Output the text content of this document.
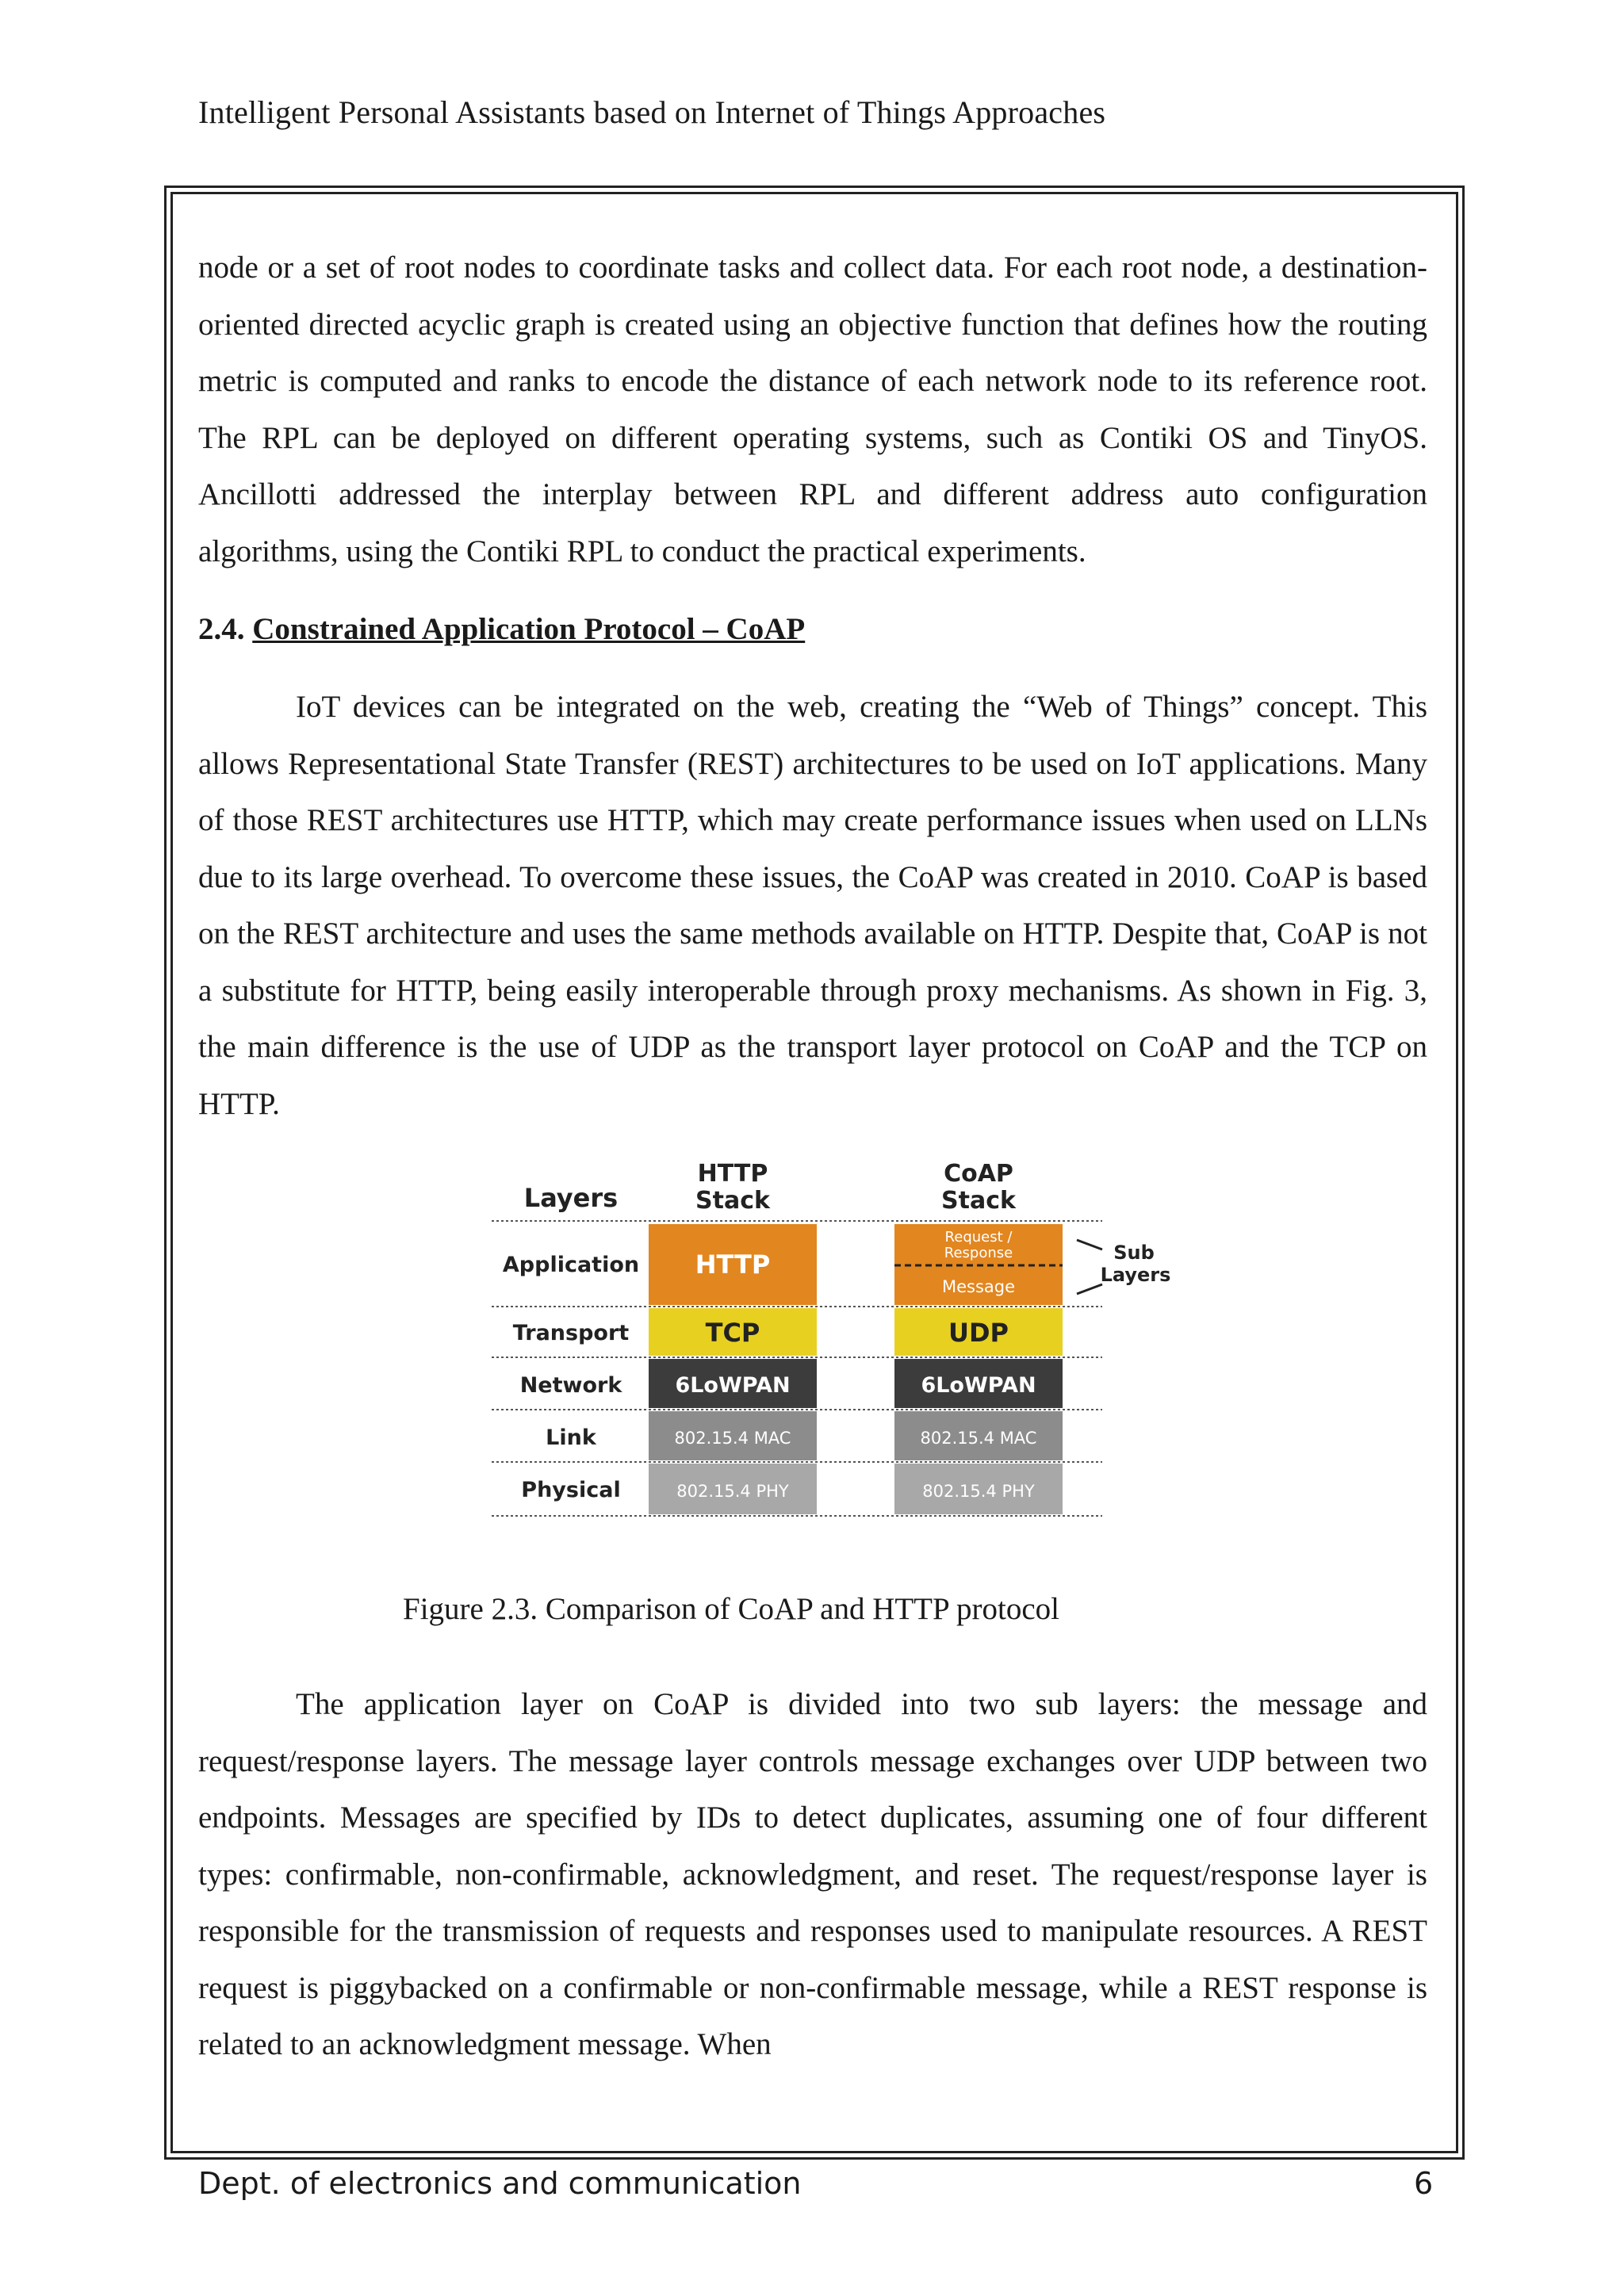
Intelligent Personal Assistants based on Internet of Things Approaches

node or a set of root nodes to coordinate tasks and collect data. For each root node, a destination-oriented directed acyclic graph is created using an objective function that defines how the routing metric is computed and ranks to encode the distance of each network node to its reference root. The RPL can be deployed on different operating systems, such as Contiki OS and TinyOS. Ancillotti addressed the interplay between RPL and different address auto configuration algorithms, using the Contiki RPL to conduct the practical experiments.

2.4. Constrained Application Protocol – CoAP

IoT devices can be integrated on the web, creating the “Web of Things” concept. This allows Representational State Transfer (REST) architectures to be used on IoT applications. Many of those REST architectures use HTTP, which may create performance issues when used on LLNs due to its large overhead. To overcome these issues, the CoAP was created in 2010. CoAP is based on the REST architecture and uses the same methods available on HTTP. Despite that, CoAP is not a substitute for HTTP, being easily interoperable through proxy mechanisms. As shown in Fig. 3, the main difference is the use of UDP as the transport layer protocol on CoAP and the TCP on HTTP.

Layers
HTTP
Stack
CoAP
Stack
Application
Transport
Network
Link
Physical
HTTP
TCP
6LoWPAN
802.15.4 MAC
802.15.4 PHY
Request /
Response
Message
UDP
6LoWPAN
802.15.4 MAC
802.15.4 PHY
Sub
Layers
Figure 2.3. Comparison of CoAP and HTTP protocol

The application layer on CoAP is divided into two sub layers: the message and request/response layers. The message layer controls message exchanges over UDP between two endpoints. Messages are specified by IDs to detect duplicates, assuming one of four different types: confirmable, non-confirmable, acknowledgment, and reset. The request/response layer is responsible for the transmission of requests and responses used to manipulate resources. A REST request is piggybacked on a confirmable or non-confirmable message, while a REST response is related to an acknowledgment message. When

Dept. of electronics and communication	6
